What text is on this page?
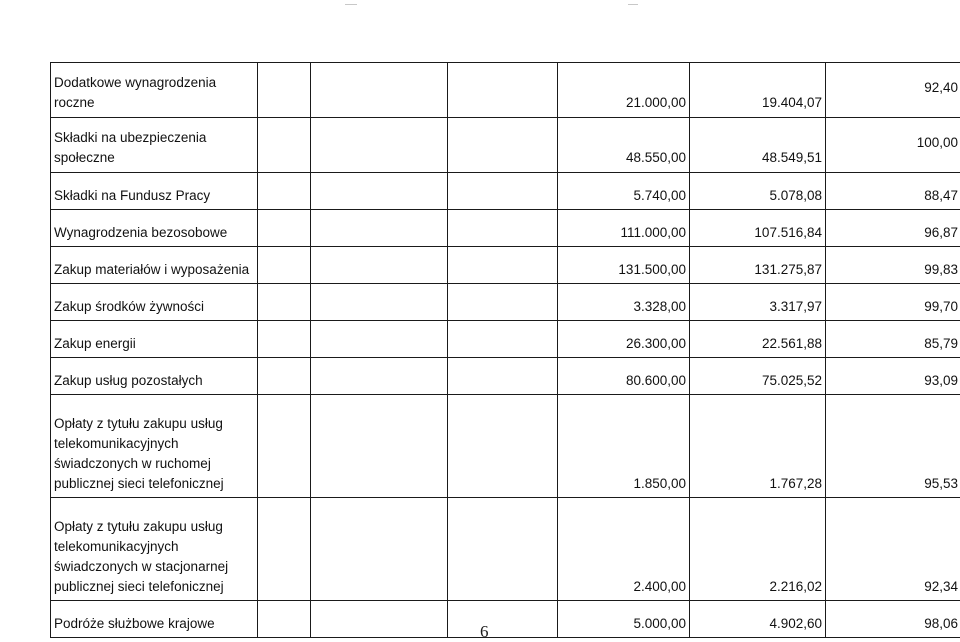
Dodatkowe wynagrodzenia roczne				21.000,00	19.404,07	92,40
Składki na ubezpieczenia społeczne				48.550,00	48.549,51	100,00
Składki na Fundusz Pracy				5.740,00	5.078,08	88,47
Wynagrodzenia bezosobowe				111.000,00	107.516,84	96,87
Zakup materiałów i wyposażenia				131.500,00	131.275,87	99,83
Zakup środków żywności				3.328,00	3.317,97	99,70
Zakup energii				26.300,00	22.561,88	85,79
Zakup usług pozostałych				80.600,00	75.025,52	93,09
Opłaty z tytułu zakupu usług telekomunikacyjnych świadczonych w ruchomej publicznej sieci telefonicznej				1.850,00	1.767,28	95,53
Opłaty z tytułu zakupu usług telekomunikacyjnych świadczonych w stacjonarnej publicznej sieci telefonicznej				2.400,00	2.216,02	92,34
Podróże służbowe krajowe				5.000,00	4.902,60	98,06
6
